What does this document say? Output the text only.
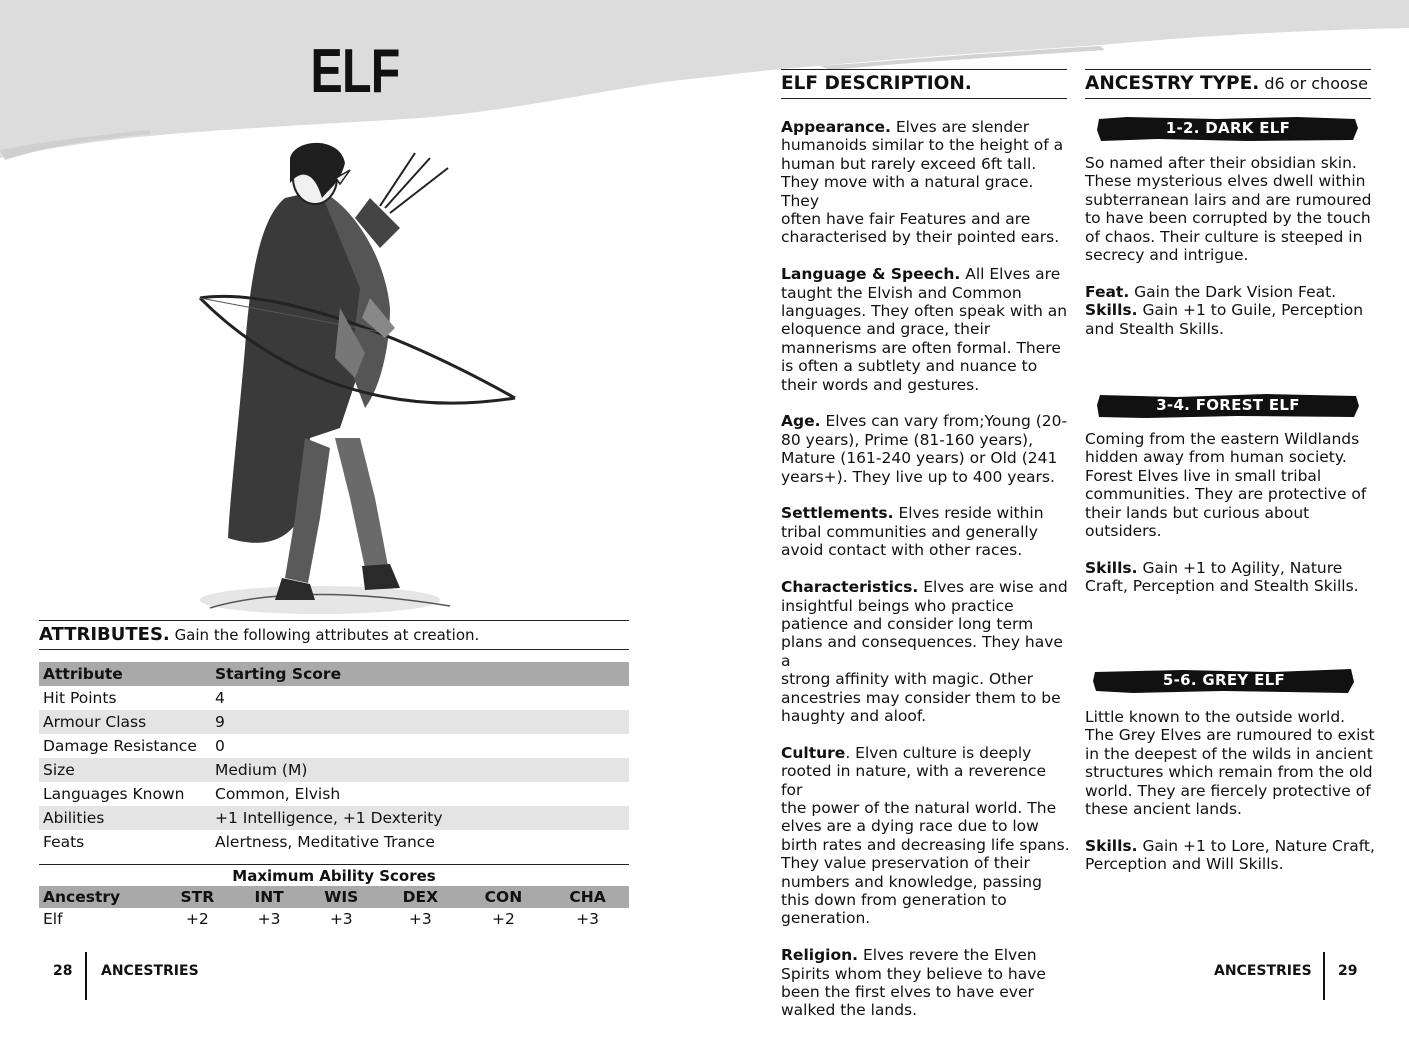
ELF
ATTRIBUTES. Gain the following attributes at creation.
Attribute	Starting Score
Hit Points	4
Armour Class	9
Damage Resistance	0
Size	Medium (M)
Languages Known	Common, Elvish
Abilities	+1 Intelligence, +1 Dexterity
Feats	Alertness, Meditative Trance
Maximum Ability Scores
Ancestry	STR	INT	WIS	DEX	CON	CHA
Elf	+2	+3	+3	+3	+2	+3
28 ANCESTRIES
ELF DESCRIPTION.

Appearance. Elves are slender
humanoids similar to the height of a
human but rarely exceed 6ft tall.
They move with a natural grace. They
often have fair Features and are
characterised by their pointed ears.

Language & Speech. All Elves are
taught the Elvish and Common
languages. They often speak with an
eloquence and grace, their
mannerisms are often formal. There
is often a subtlety and nuance to
their words and gestures.

Age. Elves can vary from;Young (20-
80 years), Prime (81-160 years),
Mature (161-240 years) or Old (241
years+). They live up to 400 years.

Settlements. Elves reside within
tribal communities and generally
avoid contact with other races.

Characteristics. Elves are wise and
insightful beings who practice
patience and consider long term
plans and consequences. They have a
strong affinity with magic. Other
ancestries may consider them to be
haughty and aloof.

Culture. Elven culture is deeply
rooted in nature, with a reverence for
the power of the natural world. The
elves are a dying race due to low
birth rates and decreasing life spans.
They value preservation of their
numbers and knowledge, passing
this down from generation to
generation.

Religion. Elves revere the Elven
Spirits whom they believe to have
been the first elves to have ever
walked the lands.

ANCESTRY TYPE. d6 or choose
1-2. DARK ELF

So named after their obsidian skin.
These mysterious elves dwell within
subterranean lairs and are rumoured
to have been corrupted by the touch
of chaos. Their culture is steeped in
secrecy and intrigue.

Feat. Gain the Dark Vision Feat.
Skills. Gain +1 to Guile, Perception
and Stealth Skills.

3-4. FOREST ELF

Coming from the eastern Wildlands
hidden away from human society.
Forest Elves live in small tribal
communities. They are protective of
their lands but curious about
outsiders.

Skills. Gain +1 to Agility, Nature
Craft, Perception and Stealth Skills.

5-6. GREY ELF

Little known to the outside world.
The Grey Elves are rumoured to exist
in the deepest of the wilds in ancient
structures which remain from the old
world. They are fiercely protective of
these ancient lands.

Skills. Gain +1 to Lore, Nature Craft,
Perception and Will Skills.

ANCESTRIES 29
